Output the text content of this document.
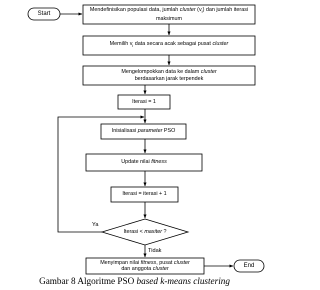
Start
Mendefinisikan populasi data, jumlah cluster $(v_i)$ dan jumlah iterasi maksimum
Memilih $v_i$ data secara acak sebagai pusat cluster
Mengelompokkan data ke dalam cluster berdasarkan jarak terpendek
Iterasi = 1
Inisialisasi parameter PSO
Update nilai fitness
Iterasi = iterasi + 1
Iterasi < maxiter ?
Menyimpan nilai fitness, pusat cluster dan anggota cluster
End
Ya
Tidak
Gambar 8 Algoritme PSO based k-means clustering
